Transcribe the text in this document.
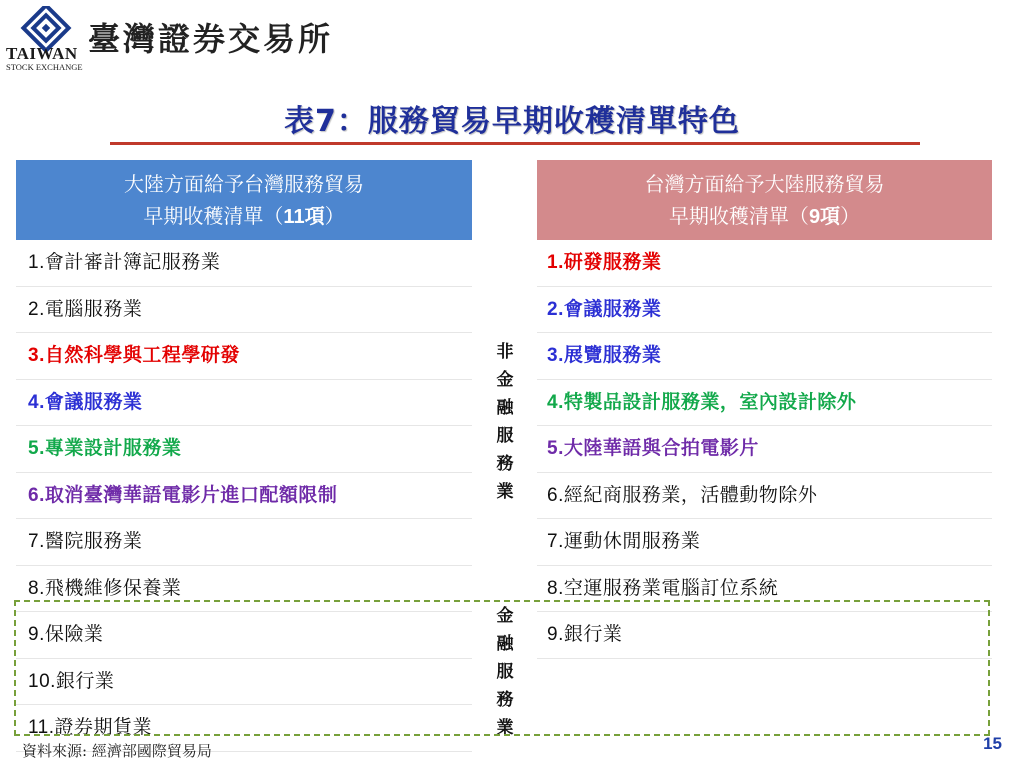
TAIWAN
STOCK EXCHANGE
臺灣證券交易所
表7：服務貿易早期收穫清單特色
大陸方面給予台灣服務貿易
早期收穫清單（11項）
台灣方面給予大陸服務貿易
早期收穫清單（9項）
1.會計審計簿記服務業
2.電腦服務業
3.自然科學與工程學研發
4.會議服務業
5.專業設計服務業
6.取消臺灣華語電影片進口配額限制
7.醫院服務業
8.飛機維修保養業
9.保險業
10.銀行業
11.證券期貨業
1.研發服務業
2.會議服務業
3.展覽服務業
4.特製品設計服務業，室內設計除外
5.大陸華語與合拍電影片
6.經紀商服務業，活體動物除外
7.運動休閒服務業
8.空運服務業電腦訂位系統
9.銀行業
非
金
融
服
務
業
金
融
服
務
業
資料來源: 經濟部國際貿易局	15
